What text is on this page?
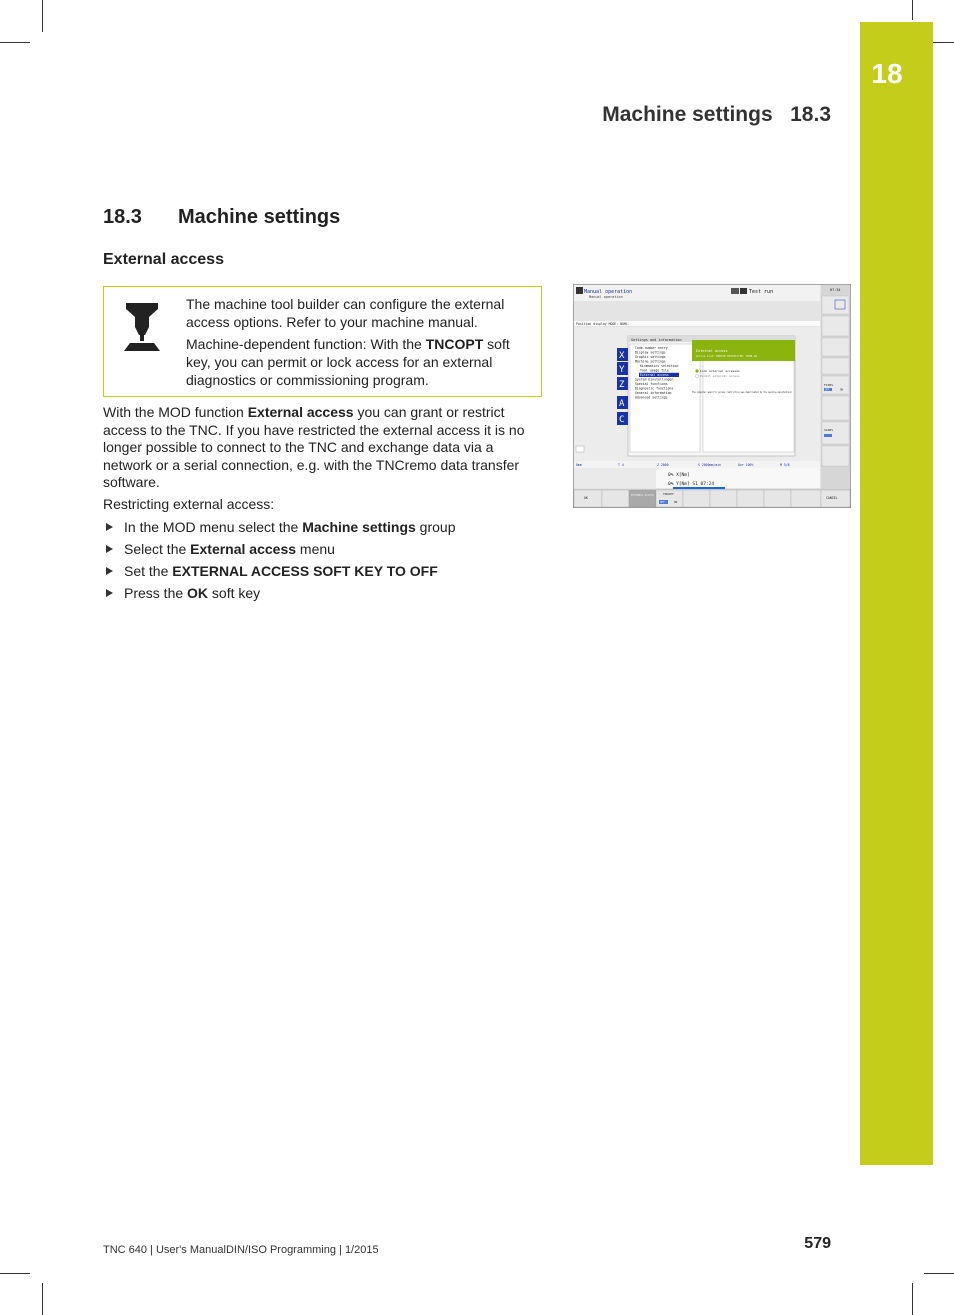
18
Machine settings   18.3
18.3 Machine settings
External access

The machine tool builder can configure the external access options. Refer to your machine manual.

Machine-dependent function: With the TNCOPT soft key, you can permit or lock access for an external diagnostics or commissioning program.

With the MOD function External access you can grant or restrict access to the TNC. If you have restricted the external access it is no longer possible to connect to the TNC and exchange data via a network or a serial connection, e.g. with the TNCremo data transfer software.

Restricting external access:

In the MOD menu select the Machine settings group
Select the External access menu
Set the EXTERNAL ACCESS SOFT KEY TO OFF
Press the OK soft key
Manual operation
Manual operation
Test run
Position display MODE: NOML.
Settings and information
X
Y
Z
A
C
Code-number entry
Display settings
Graphic settings
Machine settings
Kinematics selection
Tool usage file
External access
System Einstellungen
Special functions
Diagnostic functions
General information
Advanced settings
External access
Active kind: REMOTE RESTRICTED: KVMB-AB
Lock external accesses
Permit external access
The computer-specific access restriction was deactivated by the machine manufacturer
0mm	T 4	Z 2000	S 2000mm/min	Ovr 100%	M 5/8
0% X[Nm]
0% Y[Nm] S1 07:24
07:34
F100%
OFF	ON
S100%
OK
EXTERNAL ACCESS	TNCOPT
OFF	ON
CANCEL
TNC 640 | User's ManualDIN/ISO Programming | 1/2015	579
